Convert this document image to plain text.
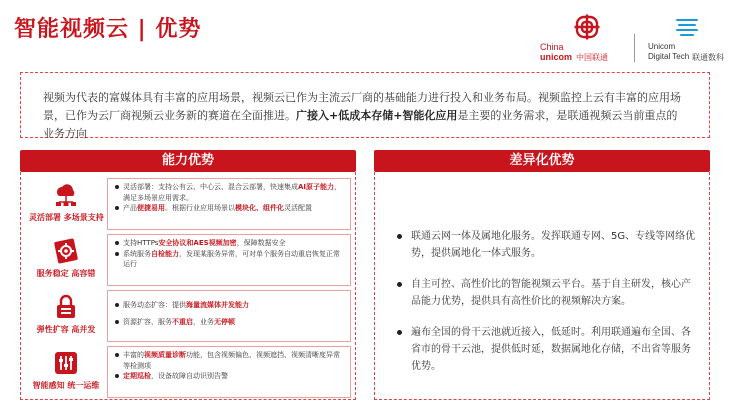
智能视频云 | 优势
China
unicom 中国联通
Unicom
Digital Tech 联通数科
视频为代表的富媒体具有丰富的应用场景，视频云已作为主流云厂商的基础能力进行投入和业务布局。视频监控上云有丰富的应用场景，已作为云厂商视频云业务新的赛道在全面推进。广接入+低成本存储+智能化应用是主要的业务需求，是联通视频云当前重点的业务方向
能力优势	差异化优势
灵活部署 多场景支持
灵活部署：支持公有云、中心云、混合云部署，快速集成AI原子能力，满足多场景应用需求。
产品便捷易用。根据行业应用场景以模块化、组件化灵活配置
服务稳定 高容错
支持HTTPs安全协议和AES视频加密，保障数据安全
系统服务自检能力，发现某服务异常，可对单个服务自动重启恢复正常运行
弹性扩容 高并发
服务动态扩容：提供海量流媒体并发能力
资源扩容，服务不重启，业务无停顿
智能感知 统一运维
丰富的视频质量诊断功能，包含视频偏色、视频遮挡、视频清晰度异常等检测项
定期巡检，设备故障自动识别告警
联通云网一体及属地化服务。发挥联通专网、5G、专线等网络优势，提供属地化一体式服务。
自主可控、高性价比的智能视频云平台。基于自主研发，核心产品能力优势，提供具有高性价比的视频解决方案。
遍布全国的骨干云池就近接入，低延时。利用联通遍布全国、各省市的骨干云池，提供低时延，数据属地化存储，不出省等服务优势。
